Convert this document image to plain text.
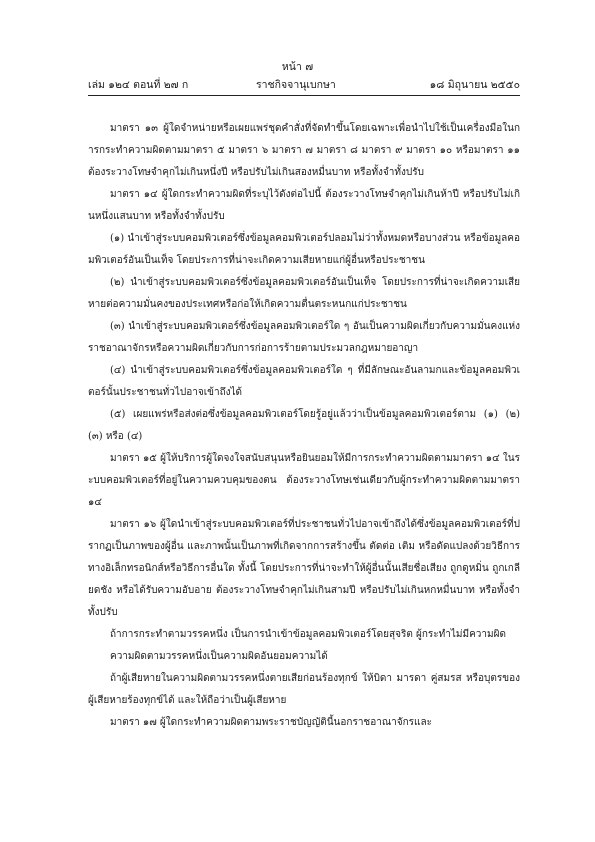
หน้า ๗
เล่ม ๑๒๔ ตอนที่ ๒๗ ก	ราชกิจจานุเบกษา	๑๘ มิถุนายน ๒๕๕๐

มาตรา ๑๓ ผู้ใดจำหน่ายหรือเผยแพร่ชุดคำสั่งที่จัดทำขึ้นโดยเฉพาะเพื่อนำไปใช้เป็นเครื่องมือในการกระทำความผิดตามมาตรา ๕ มาตรา ๖ มาตรา ๗ มาตรา ๘ มาตรา ๙ มาตรา ๑๐ หรือมาตรา ๑๑ ต้องระวางโทษจำคุกไม่เกินหนึ่งปี หรือปรับไม่เกินสองหมื่นบาท หรือทั้งจำทั้งปรับ

มาตรา ๑๔ ผู้ใดกระทำความผิดที่ระบุไว้ดังต่อไปนี้ ต้องระวางโทษจำคุกไม่เกินห้าปี หรือปรับไม่เกินหนึ่งแสนบาท หรือทั้งจำทั้งปรับ

(๑) นำเข้าสู่ระบบคอมพิวเตอร์ซึ่งข้อมูลคอมพิวเตอร์ปลอมไม่ว่าทั้งหมดหรือบางส่วน หรือข้อมูลคอมพิวเตอร์อันเป็นเท็จ โดยประการที่น่าจะเกิดความเสียหายแก่ผู้อื่นหรือประชาชน

(๒) นำเข้าสู่ระบบคอมพิวเตอร์ซึ่งข้อมูลคอมพิวเตอร์อันเป็นเท็จ โดยประการที่น่าจะเกิดความเสียหายต่อความมั่นคงของประเทศหรือก่อให้เกิดความตื่นตระหนกแก่ประชาชน

(๓) นำเข้าสู่ระบบคอมพิวเตอร์ซึ่งข้อมูลคอมพิวเตอร์ใด ๆ อันเป็นความผิดเกี่ยวกับความมั่นคงแห่งราชอาณาจักรหรือความผิดเกี่ยวกับการก่อการร้ายตามประมวลกฎหมายอาญา

(๔) นำเข้าสู่ระบบคอมพิวเตอร์ซึ่งข้อมูลคอมพิวเตอร์ใด ๆ ที่มีลักษณะอันลามกและข้อมูลคอมพิวเตอร์นั้นประชาชนทั่วไปอาจเข้าถึงได้

(๕) เผยแพร่หรือส่งต่อซึ่งข้อมูลคอมพิวเตอร์โดยรู้อยู่แล้วว่าเป็นข้อมูลคอมพิวเตอร์ตาม (๑) (๒) (๓) หรือ (๔)

มาตรา ๑๕ ผู้ให้บริการผู้ใดจงใจสนับสนุนหรือยินยอมให้มีการกระทำความผิดตามมาตรา ๑๔ ในระบบคอมพิวเตอร์ที่อยู่ในความควบคุมของตน ต้องระวางโทษเช่นเดียวกับผู้กระทำความผิดตามมาตรา ๑๔

มาตรา ๑๖ ผู้ใดนำเข้าสู่ระบบคอมพิวเตอร์ที่ประชาชนทั่วไปอาจเข้าถึงได้ซึ่งข้อมูลคอมพิวเตอร์ที่ปรากฏเป็นภาพของผู้อื่น และภาพนั้นเป็นภาพที่เกิดจากการสร้างขึ้น ตัดต่อ เติม หรือดัดแปลงด้วยวิธีการทางอิเล็กทรอนิกส์หรือวิธีการอื่นใด ทั้งนี้ โดยประการที่น่าจะทำให้ผู้อื่นนั้นเสียชื่อเสียง ถูกดูหมิ่น ถูกเกลียดชัง หรือได้รับความอับอาย ต้องระวางโทษจำคุกไม่เกินสามปี หรือปรับไม่เกินหกหมื่นบาท หรือทั้งจำทั้งปรับ

ถ้าการกระทำตามวรรคหนึ่ง เป็นการนำเข้าข้อมูลคอมพิวเตอร์โดยสุจริต ผู้กระทำไม่มีความผิด

ความผิดตามวรรคหนึ่งเป็นความผิดอันยอมความได้

ถ้าผู้เสียหายในความผิดตามวรรคหนึ่งตายเสียก่อนร้องทุกข์ ให้บิดา มารดา คู่สมรส หรือบุตรของผู้เสียหายร้องทุกข์ได้ และให้ถือว่าเป็นผู้เสียหาย

มาตรา ๑๗ ผู้ใดกระทำความผิดตามพระราชบัญญัตินี้นอกราชอาณาจักรและ
